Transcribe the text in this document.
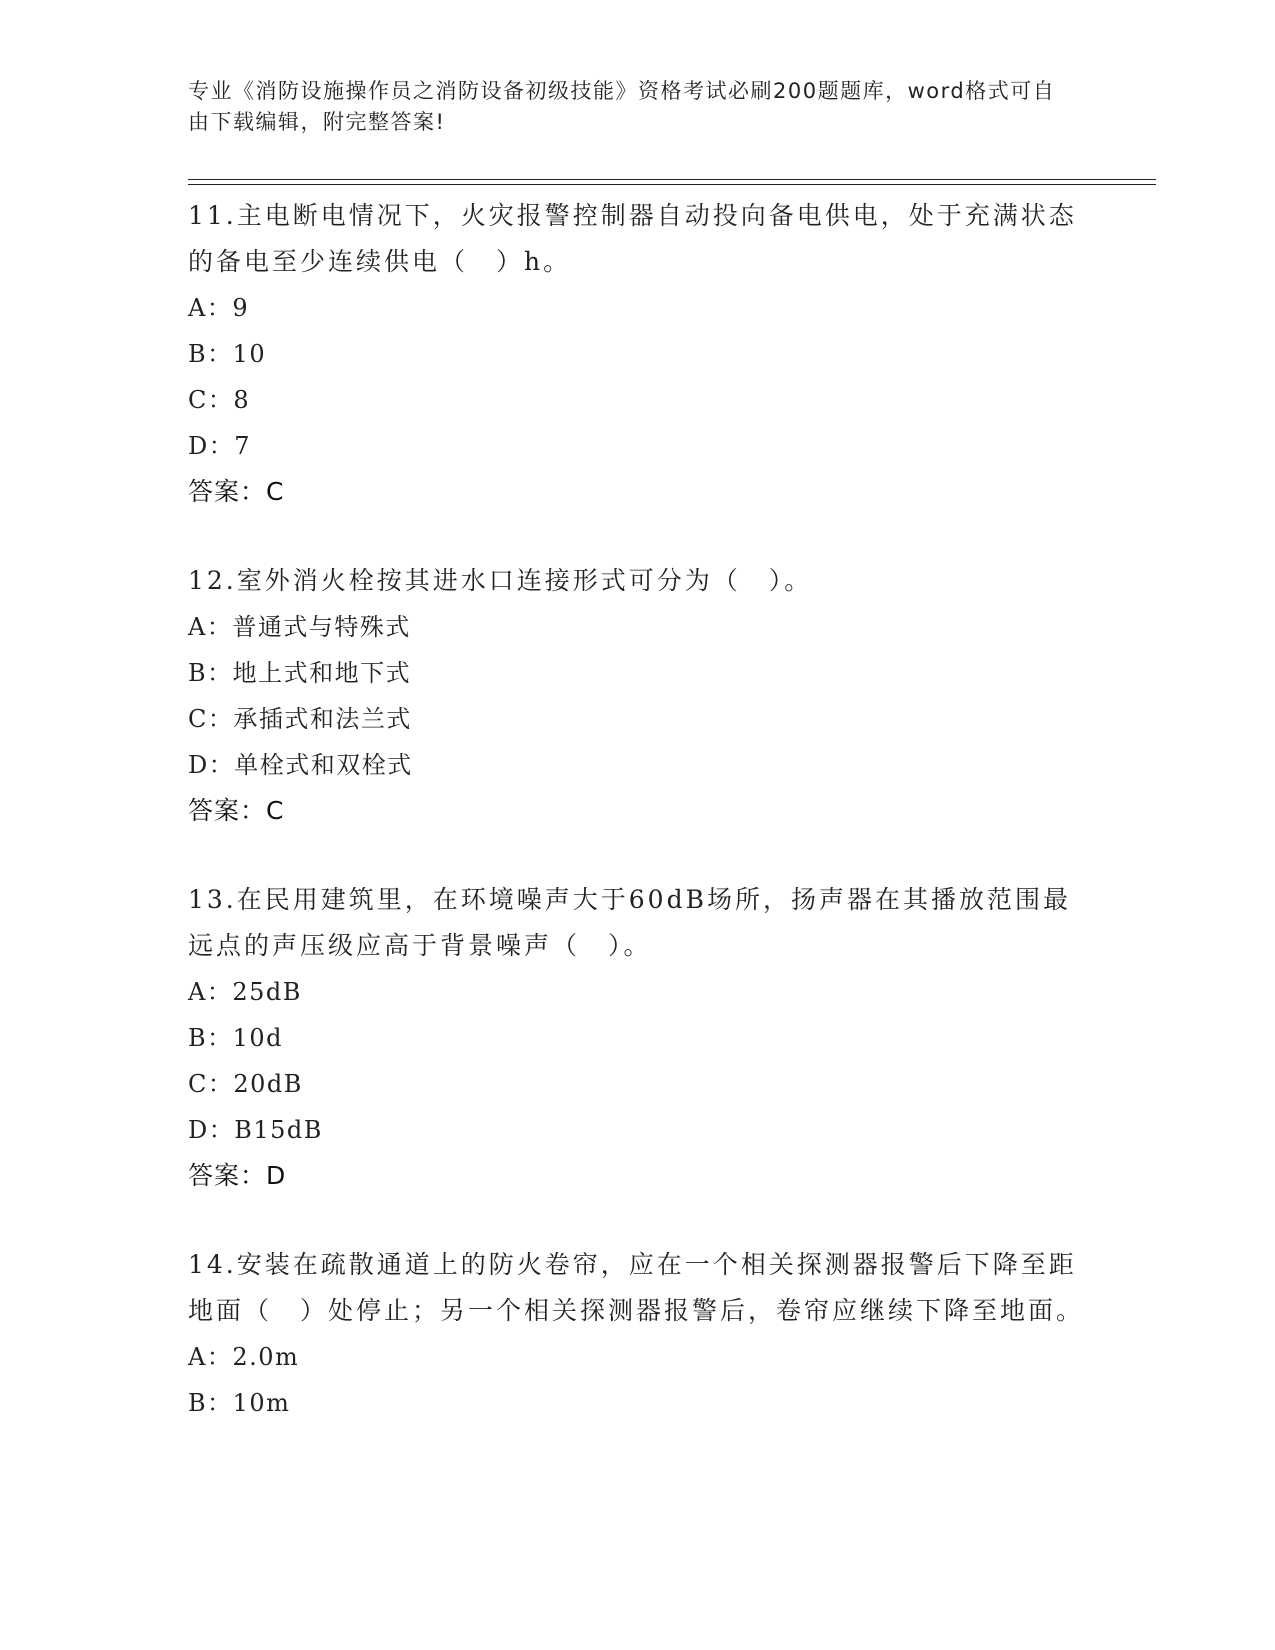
专业《消防设施操作员之消防设备初级技能》资格考试必刷200题题库，word格式可自由下载编辑，附完整答案!

11.主电断电情况下，火灾报警控制器自动投向备电供电，处于充满状态的备电至少连续供电（　）h。

A：9

B：10

C：8

D：7

答案：C

12.室外消火栓按其进水口连接形式可分为（　）。

A：普通式与特殊式

B：地上式和地下式

C：承插式和法兰式

D：单栓式和双栓式

答案：C

13.在民用建筑里，在环境噪声大于60dB场所，扬声器在其播放范围最远点的声压级应高于背景噪声（　）。

A：25dB

B：10d

C：20dB

D：B15dB

答案：D

14.安装在疏散通道上的防火卷帘，应在一个相关探测器报警后下降至距地面（　）处停止；另一个相关探测器报警后，卷帘应继续下降至地面。

A：2.0m

B：10m
